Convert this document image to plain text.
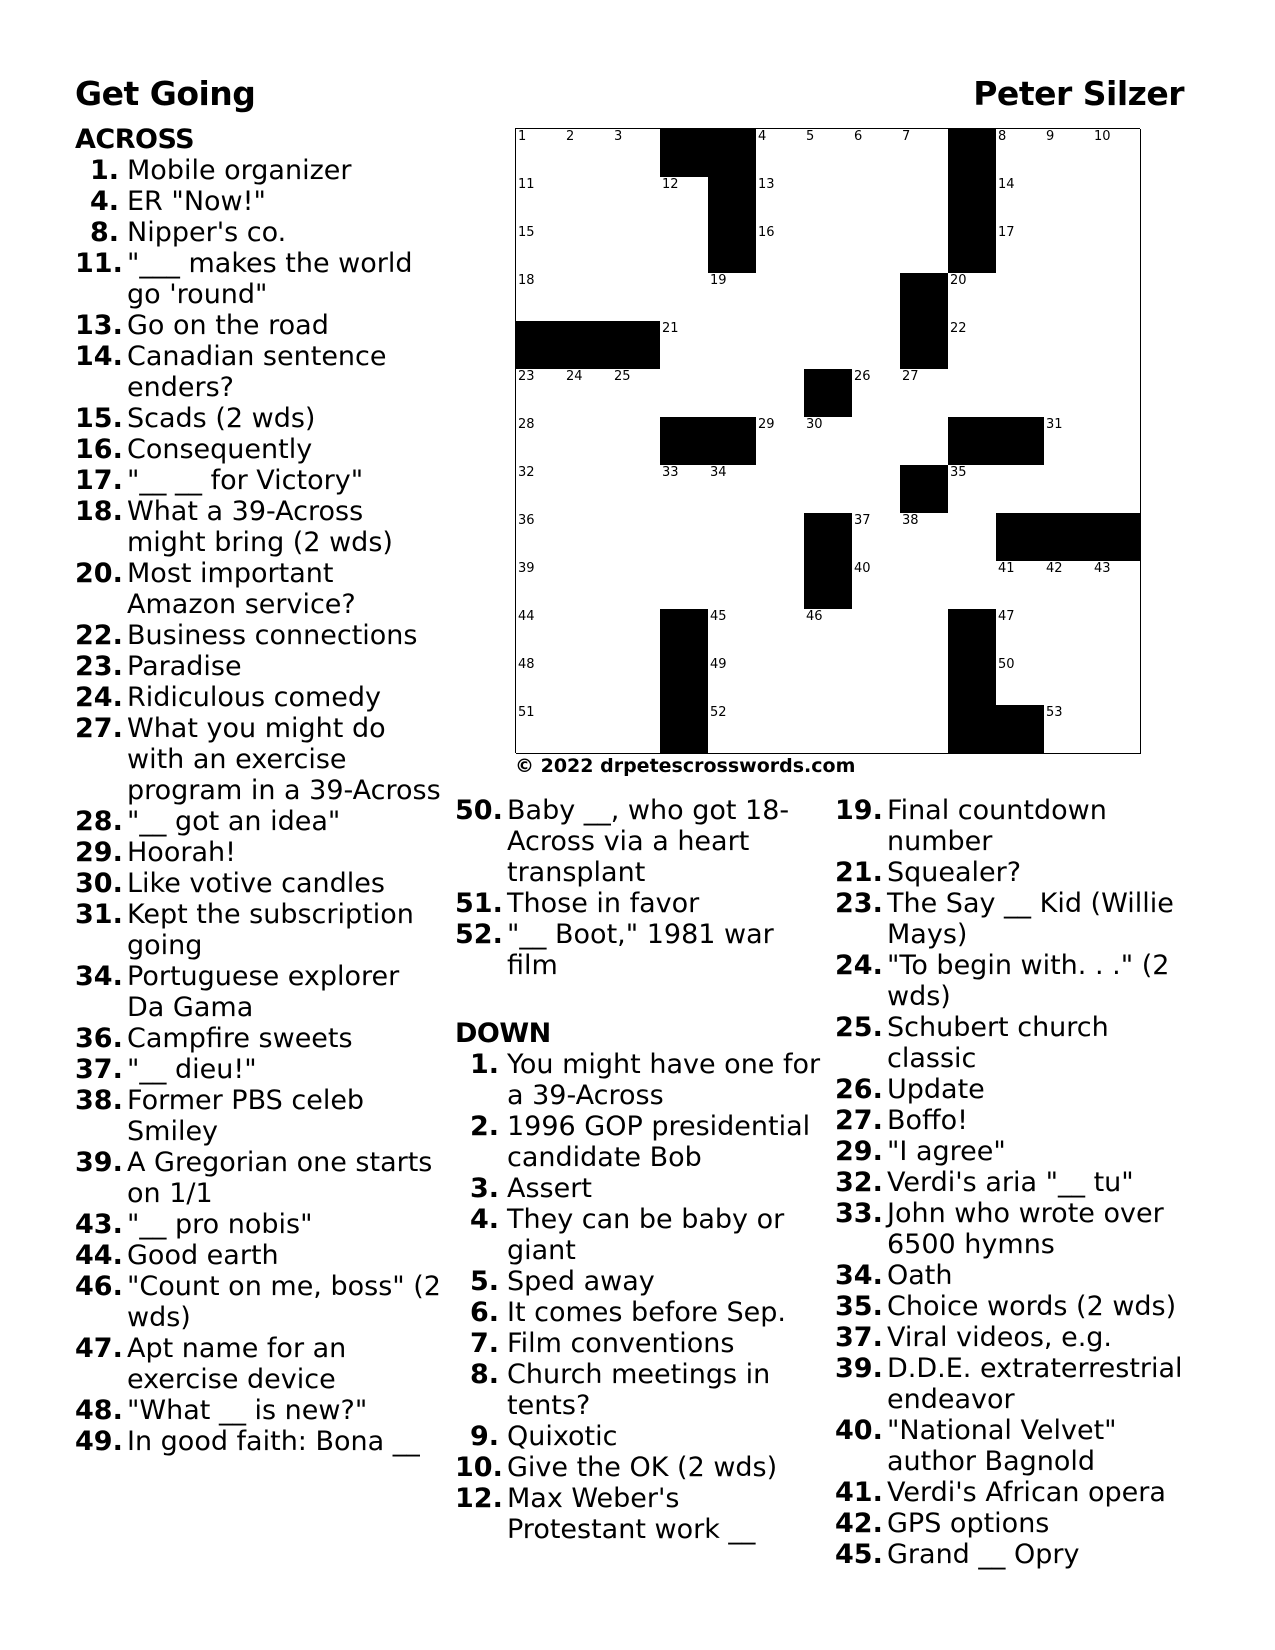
Get Going	Peter Silzer
ACROSS
1. Mobile organizer
4. ER "Now!"
8. Nipper's co.
11. "___ makes the world go 'round"
13. Go on the road
14. Canadian sentence enders?
15. Scads (2 wds)
16. Consequently
17. "__ __ for Victory"
18. What a 39-Across might bring (2 wds)
20. Most important Amazon service?
22. Business connections
23. Paradise
24. Ridiculous comedy
27. What you might do with an exercise program in a 39-Across
28. "__ got an idea"
29. Hoorah!
30. Like votive candles
31. Kept the subscription going
34. Portuguese explorer Da Gama
36. Campfire sweets
37. "__ dieu!"
38. Former PBS celeb Smiley
39. A Gregorian one starts on 1/1
43. "__ pro nobis"
44. Good earth
46. "Count on me, boss" (2 wds)
47. Apt name for an exercise device
48. "What __ is new?"
49. In good faith: Bona __
1	2	3	4	5	6	7	8	9	10
11	12	13	14
15	16	17
18	19	20
21	22
23 24 25	26 27
28	29 30	31
32	33 34	35
36	37 38
39	40	41 42 43
44	45	46	47
48	49	50
51	52	53
© 2022 drpetescrosswords.com
50. Baby __, who got 18-Across via a heart transplant
51. Those in favor
52. "__ Boot," 1981 war film
DOWN
1. You might have one for a 39-Across
2. 1996 GOP presidential candidate Bob
3. Assert
4. They can be baby or giant
5. Sped away
6. It comes before Sep.
7. Film conventions
8. Church meetings in tents?
9. Quixotic
10. Give the OK (2 wds)
12. Max Weber's Protestant work __
19. Final countdown number
21. Squealer?
23. The Say __ Kid (Willie Mays)
24. "To begin with. . ." (2 wds)
25. Schubert church classic
26. Update
27. Boffo!
29. "I agree"
32. Verdi's aria "__ tu"
33. John who wrote over 6500 hymns
34. Oath
35. Choice words (2 wds)
37. Viral videos, e.g.
39. D.D.E. extraterrestrial endeavor
40. "National Velvet" author Bagnold
41. Verdi's African opera
42. GPS options
45. Grand __ Opry
